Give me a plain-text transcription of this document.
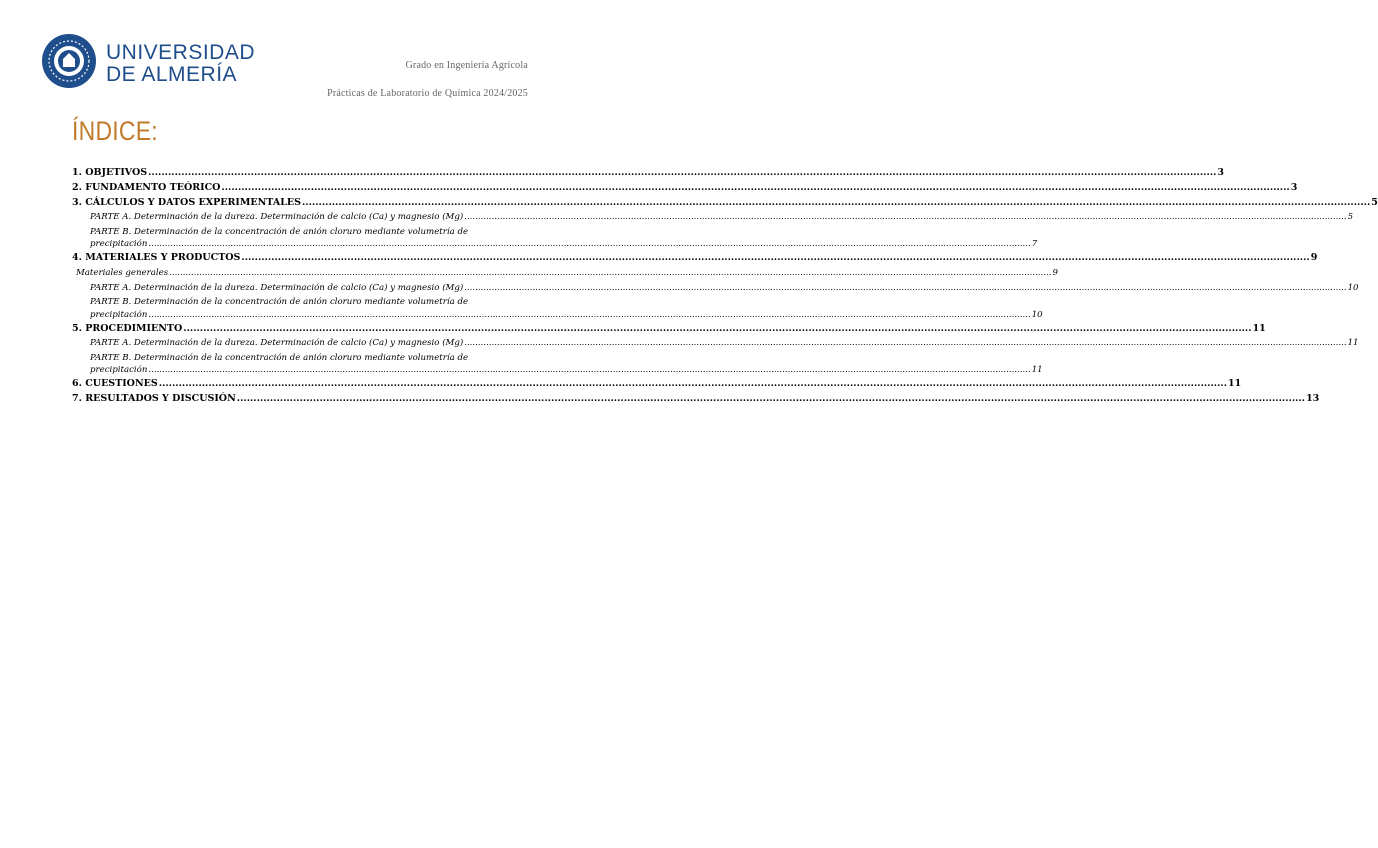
UNIVERSIDAD
DE ALMERÍA	Grado en Ingeniería Agrícola
Prácticas de Laboratorio de Química 2024/2025
ÍNDICE:
1. OBJETIVOS .....	3
2. FUNDAMENTO TEÓRICO .....	3
3. CÁLCULOS Y DATOS EXPERIMENTALES .....	5
PARTE A. Determinación de la dureza. Determinación de calcio (Ca) y magnesio (Mg) .....	5
PARTE B. Determinación de la concentración de anión cloruro mediante volumetría de
precipitación .....	7
4. MATERIALES Y PRODUCTOS .....	9
Materiales generales .....	9
PARTE A. Determinación de la dureza. Determinación de calcio (Ca) y magnesio (Mg) .....	10
PARTE B. Determinación de la concentración de anión cloruro mediante volumetría de
precipitación .....	10
5. PROCEDIMIENTO .....	11
PARTE A. Determinación de la dureza. Determinación de calcio (Ca) y magnesio (Mg) .....	11
PARTE B. Determinación de la concentración de anión cloruro mediante volumetría de
precipitación .....	11
6. CUESTIONES .....	11
7. RESULTADOS Y DISCUSIÓN .....	13
